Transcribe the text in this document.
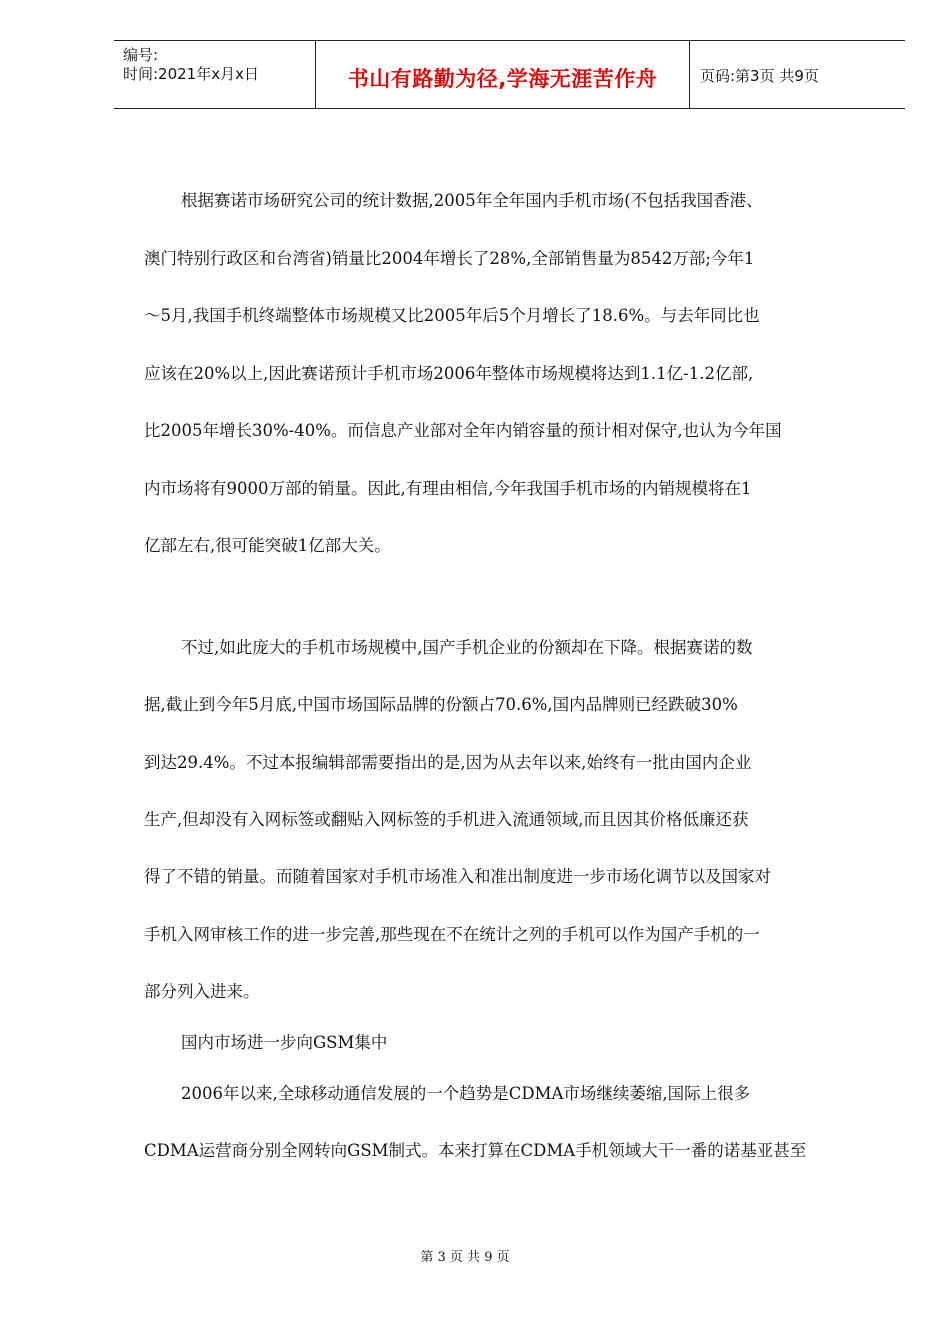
编号:
时间:2021年x月x日	书山有路勤为径,学海无涯苦作舟	页码:第3页 共9页
根据赛诺市场研究公司的统计数据,2005年全年国内手机市场(不包括我国香港、
澳门特别行政区和台湾省)销量比2004年增长了28%,全部销售量为8542万部;今年1
～5月,我国手机终端整体市场规模又比2005年后5个月增长了18.6%。与去年同比也
应该在20%以上,因此赛诺预计手机市场2006年整体市场规模将达到1.1亿-1.2亿部,
比2005年增长30%-40%。而信息产业部对全年内销容量的预计相对保守,也认为今年国
内市场将有9000万部的销量。因此,有理由相信,今年我国手机市场的内销规模将在1
亿部左右,很可能突破1亿部大关。
不过,如此庞大的手机市场规模中,国产手机企业的份额却在下降。根据赛诺的数
据,截止到今年5月底,中国市场国际品牌的份额占70.6%,国内品牌则已经跌破30%
到达29.4%。不过本报编辑部需要指出的是,因为从去年以来,始终有一批由国内企业
生产,但却没有入网标签或翻贴入网标签的手机进入流通领域,而且因其价格低廉还获
得了不错的销量。而随着国家对手机市场准入和准出制度进一步市场化调节以及国家对
手机入网审核工作的进一步完善,那些现在不在统计之列的手机可以作为国产手机的一
部分列入进来。
国内市场进一步向GSM集中
2006年以来,全球移动通信发展的一个趋势是CDMA市场继续萎缩,国际上很多
CDMA运营商分别全网转向GSM制式。本来打算在CDMA手机领域大干一番的诺基亚甚至
第 3 页 共 9 页
